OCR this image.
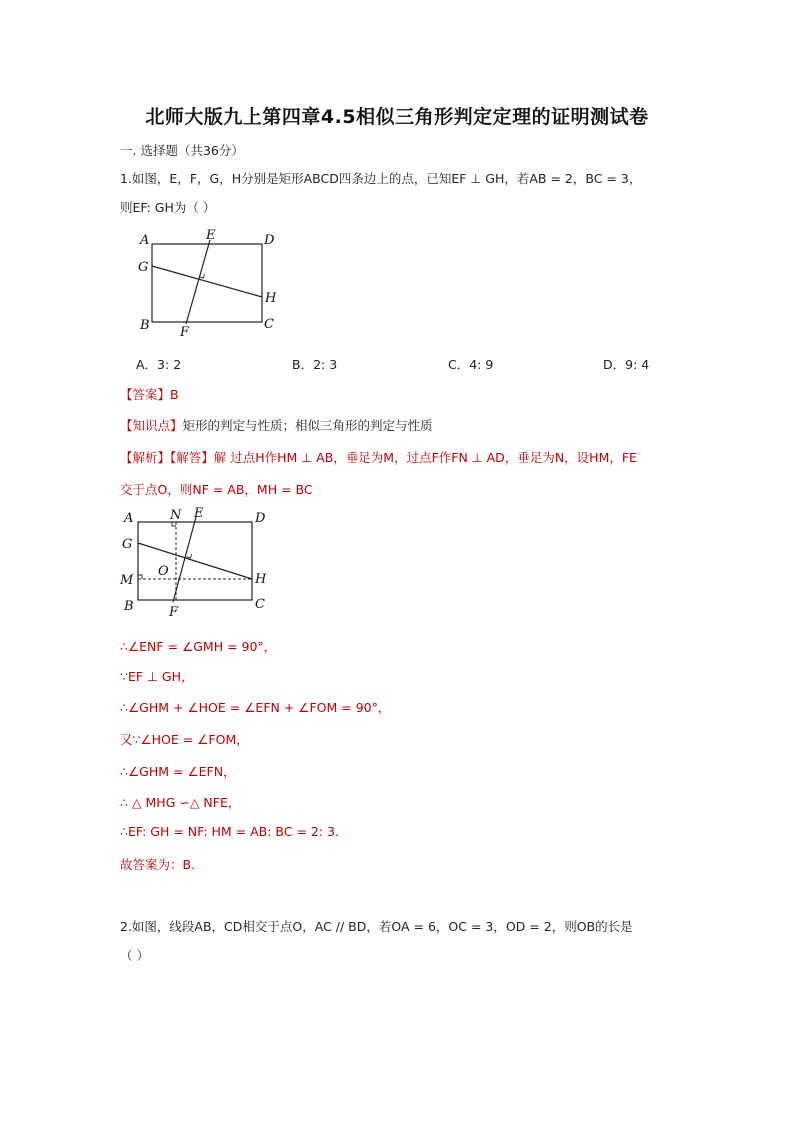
北师大版九上第四章4.5相似三角形判定定理的证明测试卷
一. 选择题（共36分）
1.如图，E，F，G，H分别是矩形ABCD四条边上的点，已知EF ⊥ GH，若AB = 2，BC = 3，
则EF: GH为（ ）
A	E	D
G
H
B F
C
A．3: 2	B．2: 3	C．4: 9	D．9: 4
【答案】B
【知识点】矩形的判定与性质；相似三角形的判定与性质
【解析】【解答】解 过点H作HM ⊥ AB，垂足为M，过点F作FN ⊥ AD，垂足为N，设HM，FE
交于点O，则NF = AB，MH = BC
A	N E	D
G
O
M	H
B	F
C
∴∠ENF = ∠GMH = 90°，
∵EF ⊥ GH，
∴∠GHM + ∠HOE = ∠EFN + ∠FOM = 90°，
又∵∠HOE = ∠FOM，
∴∠GHM = ∠EFN，
∴ △ MHG ∽△ NFE，
∴EF: GH = NF: HM = AB: BC = 2: 3.
故答案为：B.
2.如图，线段AB，CD相交于点O，AC // BD，若OA = 6，OC = 3，OD = 2，则OB的长是
（ ）
